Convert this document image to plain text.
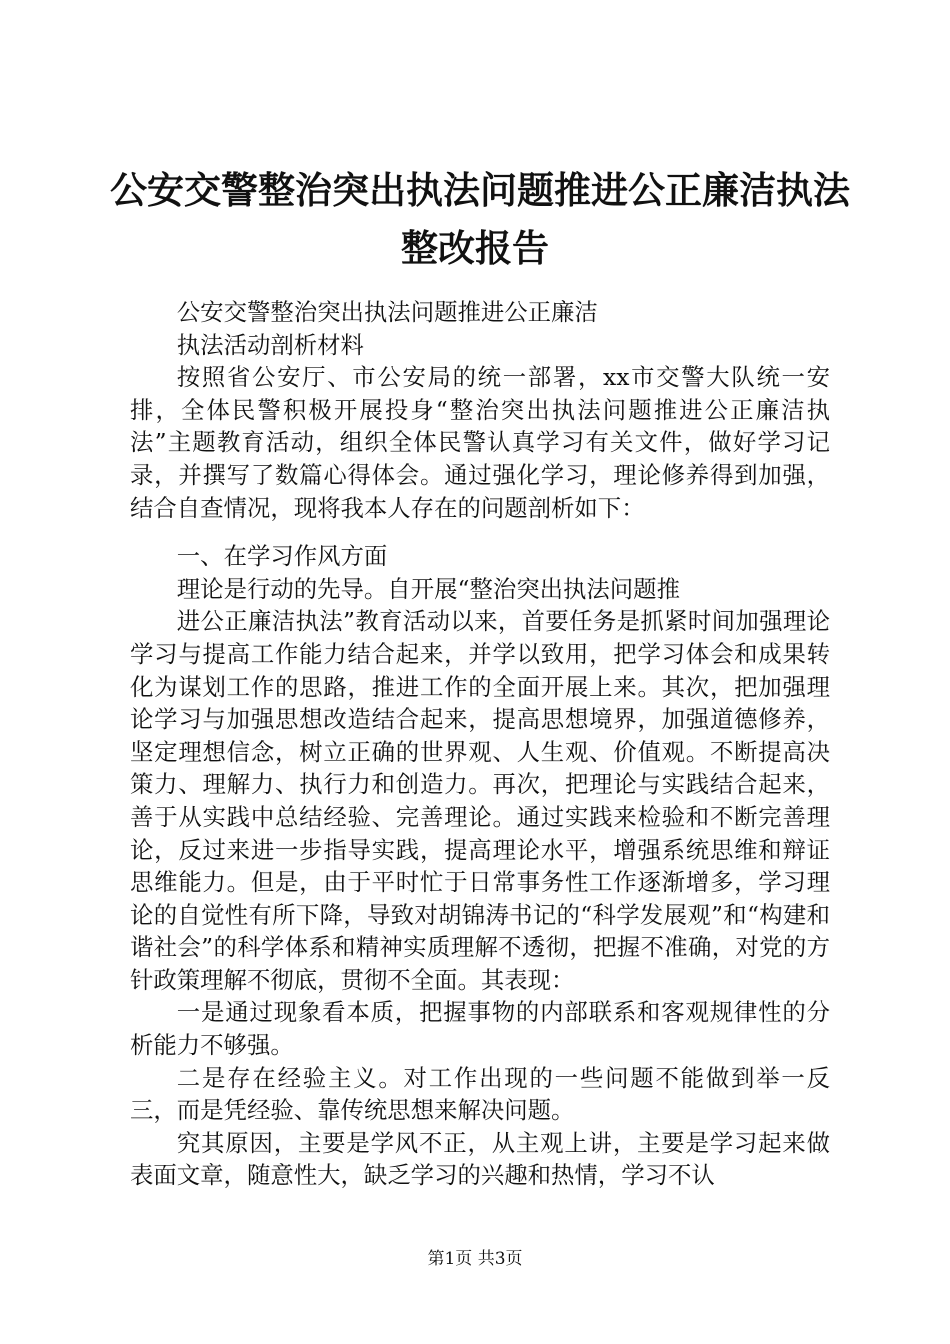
公安交警整治突出执法问题推进公正廉洁执法
整改报告

公安交警整治突出执法问题推进公正廉洁

执法活动剖析材料

按照省公安厅、市公安局的统一部署，xx市交警大队统一安排，全体民警积极开展投身“整治突出执法问题推进公正廉洁执法”主题教育活动，组织全体民警认真学习有关文件，做好学习记录，并撰写了数篇心得体会。通过强化学习，理论修养得到加强，结合自查情况，现将我本人存在的问题剖析如下：

一、在学习作风方面

理论是行动的先导。自开展“整治突出执法问题推

进公正廉洁执法”教育活动以来，首要任务是抓紧时间加强理论学习与提高工作能力结合起来，并学以致用，把学习体会和成果转化为谋划工作的思路，推进工作的全面开展上来。其次，把加强理论学习与加强思想改造结合起来，提高思想境界，加强道德修养，坚定理想信念，树立正确的世界观、人生观、价值观。不断提高决策力、理解力、执行力和创造力。再次，把理论与实践结合起来，善于从实践中总结经验、完善理论。通过实践来检验和不断完善理论，反过来进一步指导实践，提高理论水平，增强系统思维和辩证思维能力。但是，由于平时忙于日常事务性工作逐渐增多，学习理论的自觉性有所下降，导致对胡锦涛书记的“科学发展观”和“构建和谐社会”的科学体系和精神实质理解不透彻，把握不准确，对党的方针政策理解不彻底，贯彻不全面。其表现：

一是通过现象看本质，把握事物的内部联系和客观规律性的分析能力不够强。

二是存在经验主义。对工作出现的一些问题不能做到举一反三，而是凭经验、靠传统思想来解决问题。

究其原因，主要是学风不正，从主观上讲，主要是学习起来做表面文章，随意性大，缺乏学习的兴趣和热情，学习不认

第1页 共3页
